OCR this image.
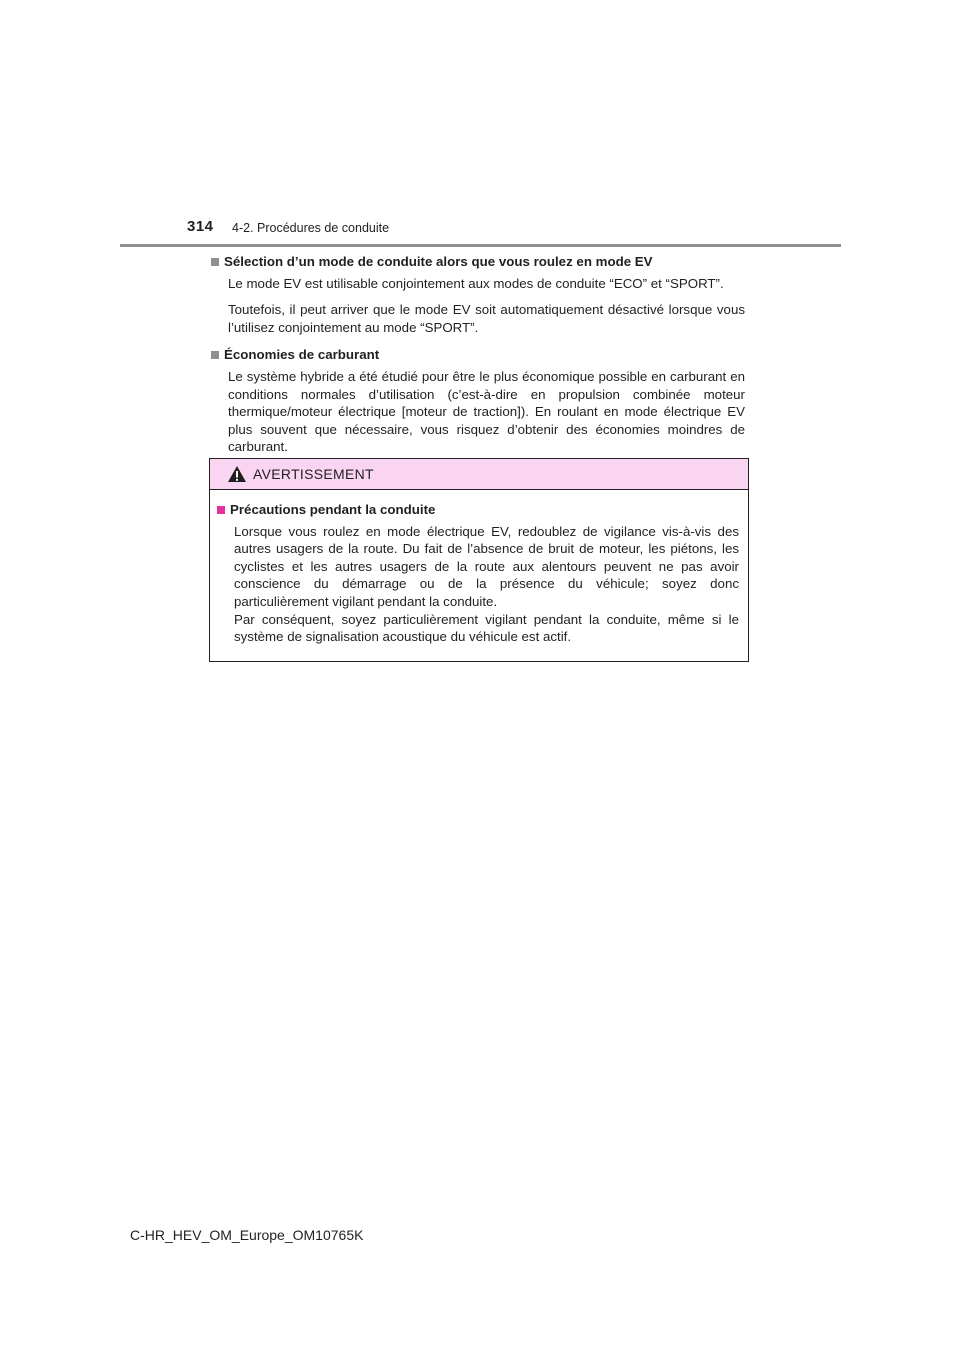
314 4-2. Procédures de conduite

Sélection d’un mode de conduite alors que vous roulez en mode EV

Le mode EV est utilisable conjointement aux modes de conduite “ECO” et “SPORT”.

Toutefois, il peut arriver que le mode EV soit automatiquement désactivé lorsque vous l’utilisez conjointement au mode “SPORT”.

Économies de carburant

Le système hybride a été étudié pour être le plus économique possible en carburant en conditions normales d’utilisation (c’est-à-dire en propulsion combinée moteur thermique/moteur électrique [moteur de traction]). En roulant en mode électrique EV plus souvent que nécessaire, vous risquez d’obtenir des économies moindres de carburant.

AVERTISSEMENT

Précautions pendant la conduite

Lorsque vous roulez en mode électrique EV, redoublez de vigilance vis-à-vis des autres usagers de la route. Du fait de l’absence de bruit de moteur, les piétons, les cyclistes et les autres usagers de la route aux alentours peuvent ne pas avoir conscience du démarrage ou de la présence du véhicule; soyez donc particulièrement vigilant pendant la conduite.

Par conséquent, soyez particulièrement vigilant pendant la conduite, même si le système de signalisation acoustique du véhicule est actif.

C-HR_HEV_OM_Europe_OM10765K
